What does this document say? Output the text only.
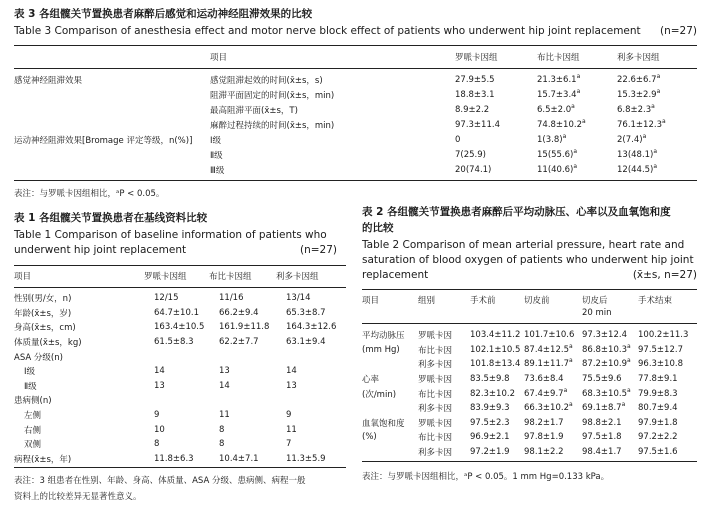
表 3 各组髋关节置换患者麻醉后感觉和运动神经阻滞效果的比较
Table 3 Comparison of anesthesia effect and motor nerve block effect of patients who underwent hip joint replacement (n=27)
	项目	罗哌卡因组	布比卡因组	利多卡因组
感觉神经阻滞效果	感觉阻滞起效的时间(x̄±s，s)	27.9±5.5	21.3±6.1$^a$	22.6±6.7$^a$
	阻滞平面固定的时间(x̄±s，min)	18.8±3.1	15.7±3.4$^a$	15.3±2.9$^a$
	最高阻滞平面(x̄±s，T)	8.9±2.2	6.5±2.0$^a$	6.8±2.3$^a$
	麻醉过程持续的时间(x̄±s，min)	97.3±11.4	74.8±10.2$^a$	76.1±12.3$^a$
运动神经阻滞效果[Bromage 评定等级，n(%)]	Ⅰ级	0	$1(3.8)^a$	$2(7.4)^a$
	Ⅱ级	7(25.9)	$15(55.6)^a$	$13(48.1)^a$
	Ⅲ级	20(74.1)	$11(40.6)^a$	$12(44.5)^a$
表注：与罗哌卡因组相比，ᵃP < 0.05。
表 1 各组髋关节置换患者在基线资料比较
Table 1 Comparison of baseline information of patients who
underwent hip joint replacement	(n=27)
项目	罗哌卡因组	布比卡因组	利多卡因组
性别(男/女，n)	12/15	11/16	13/14
年龄(x̄±s，岁)	64.7±10.1	66.2±9.4	65.3±8.7
身高(x̄±s，cm)	163.4±10.5	161.9±11.8	164.3±12.6
体质量(x̄±s，kg)	61.5±8.3	62.2±7.7	63.1±9.4
ASA 分级(n)			
Ⅰ级	14	13	14
Ⅱ级	13	14	13
患病侧(n)			
左侧	9	11	9
右侧	10	8	11
双侧	8	8	7
病程(x̄±s，年)	11.8±6.3	10.4±7.1	11.3±5.9
表注：3 组患者在性别、年龄、身高、体质量、ASA 分级、患病侧、病程一般
资料上的比较差异无显著性意义。
表 2 各组髋关节置换患者麻醉后平均动脉压、心率以及血氧饱和度
的比较
Table 2 Comparison of mean arterial pressure, heart rate and
saturation of blood oxygen of patients who underwent hip joint
replacement	(x̄±s, n=27)
项目	组别	手术前	切皮前	切皮后	手术结束
				20 min	
平均动脉压	罗哌卡因	103.4±11.2	101.7±10.6	97.3±12.4	100.2±11.3
(mm Hg)	布比卡因	102.1±10.5	87.4±12.5$^a$	86.8±10.3$^a$	97.5±12.7
	利多卡因	101.8±13.4	89.1±11.7$^a$	87.2±10.9$^a$	96.3±10.8
心率	罗哌卡因	83.5±9.8	73.6±8.4	75.5±9.6	77.8±9.1
(次/min)	布比卡因	82.3±10.2	67.4±9.7$^a$	68.3±10.5$^a$	79.9±8.3
	利多卡因	83.9±9.3	66.3±10.2$^a$	69.1±8.7$^a$	80.7±9.4
血氧饱和度	罗哌卡因	97.5±2.3	98.2±1.7	98.8±2.1	97.9±1.8
(%)	布比卡因	96.9±2.1	97.8±1.9	97.5±1.8	97.2±2.2
	利多卡因	97.2±1.9	98.1±2.2	98.4±1.7	97.5±1.6
表注：与罗哌卡因组相比，ᵃP < 0.05。1 mm Hg=0.133 kPa。
